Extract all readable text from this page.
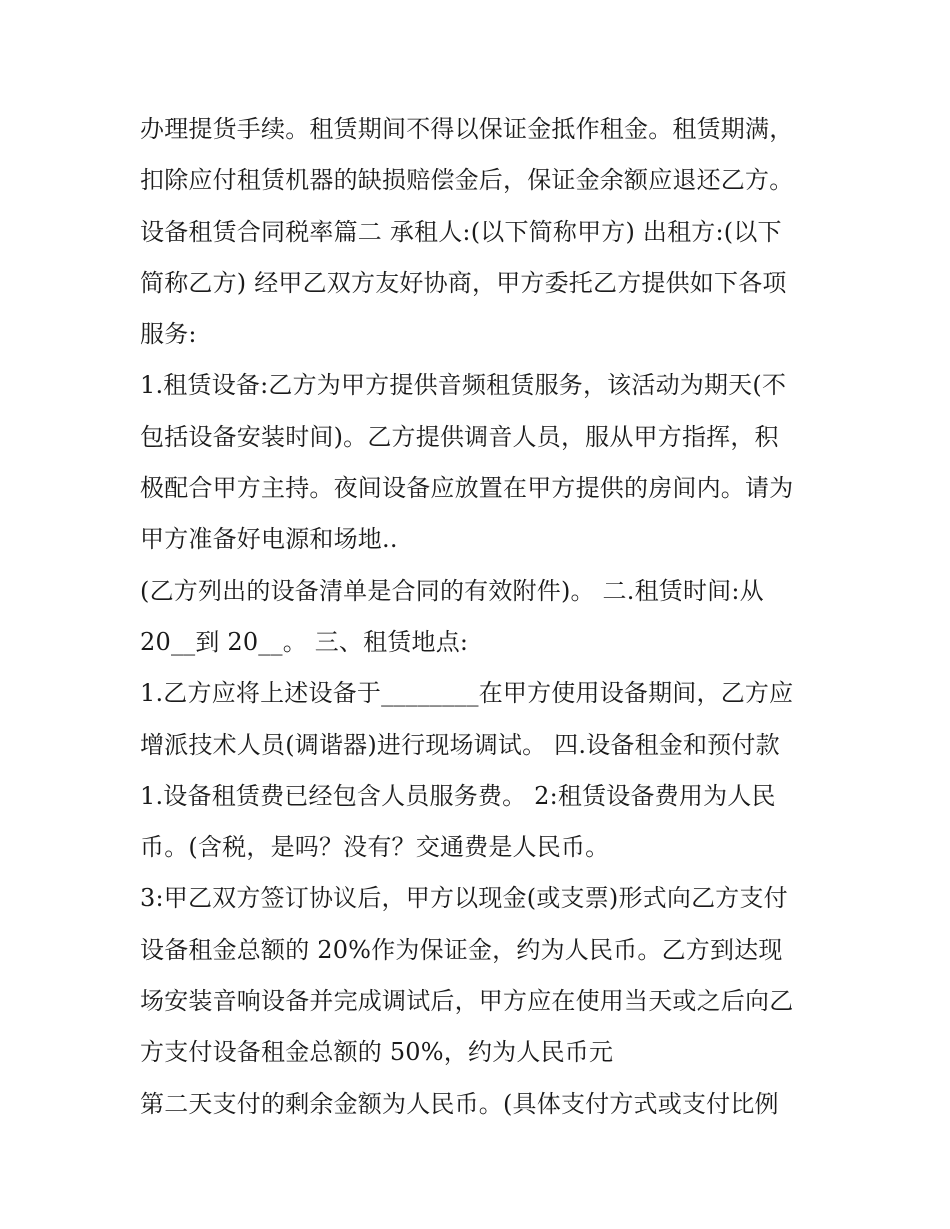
办理提货手续。租赁期间不得以保证金抵作租金。租赁期满，
扣除应付租赁机器的缺损赔偿金后，保证金余额应退还乙方。
设备租赁合同税率篇二 承租人:(以下简称甲方) 出租方:(以下
简称乙方) 经甲乙双方友好协商，甲方委托乙方提供如下各项
服务:
1.租赁设备:乙方为甲方提供音频租赁服务，该活动为期天(不
包括设备安装时间)。乙方提供调音人员，服从甲方指挥，积
极配合甲方主持。夜间设备应放置在甲方提供的房间内。请为
甲方准备好电源和场地..
(乙方列出的设备清单是合同的有效附件)。 二.租赁时间:从
20__到 20__。 三、租赁地点:
1.乙方应将上述设备于________在甲方使用设备期间，乙方应
增派技术人员(调谐器)进行现场调试。 四.设备租金和预付款
1.设备租赁费已经包含人员服务费。 2:租赁设备费用为人民
币。(含税，是吗？没有？交通费是人民币。
3:甲乙双方签订协议后，甲方以现金(或支票)形式向乙方支付
设备租金总额的 20%作为保证金，约为人民币。乙方到达现
场安装音响设备并完成调试后，甲方应在使用当天或之后向乙
方支付设备租金总额的 50%，约为人民币元
第二天支付的剩余金额为人民币。(具体支付方式或支付比例
